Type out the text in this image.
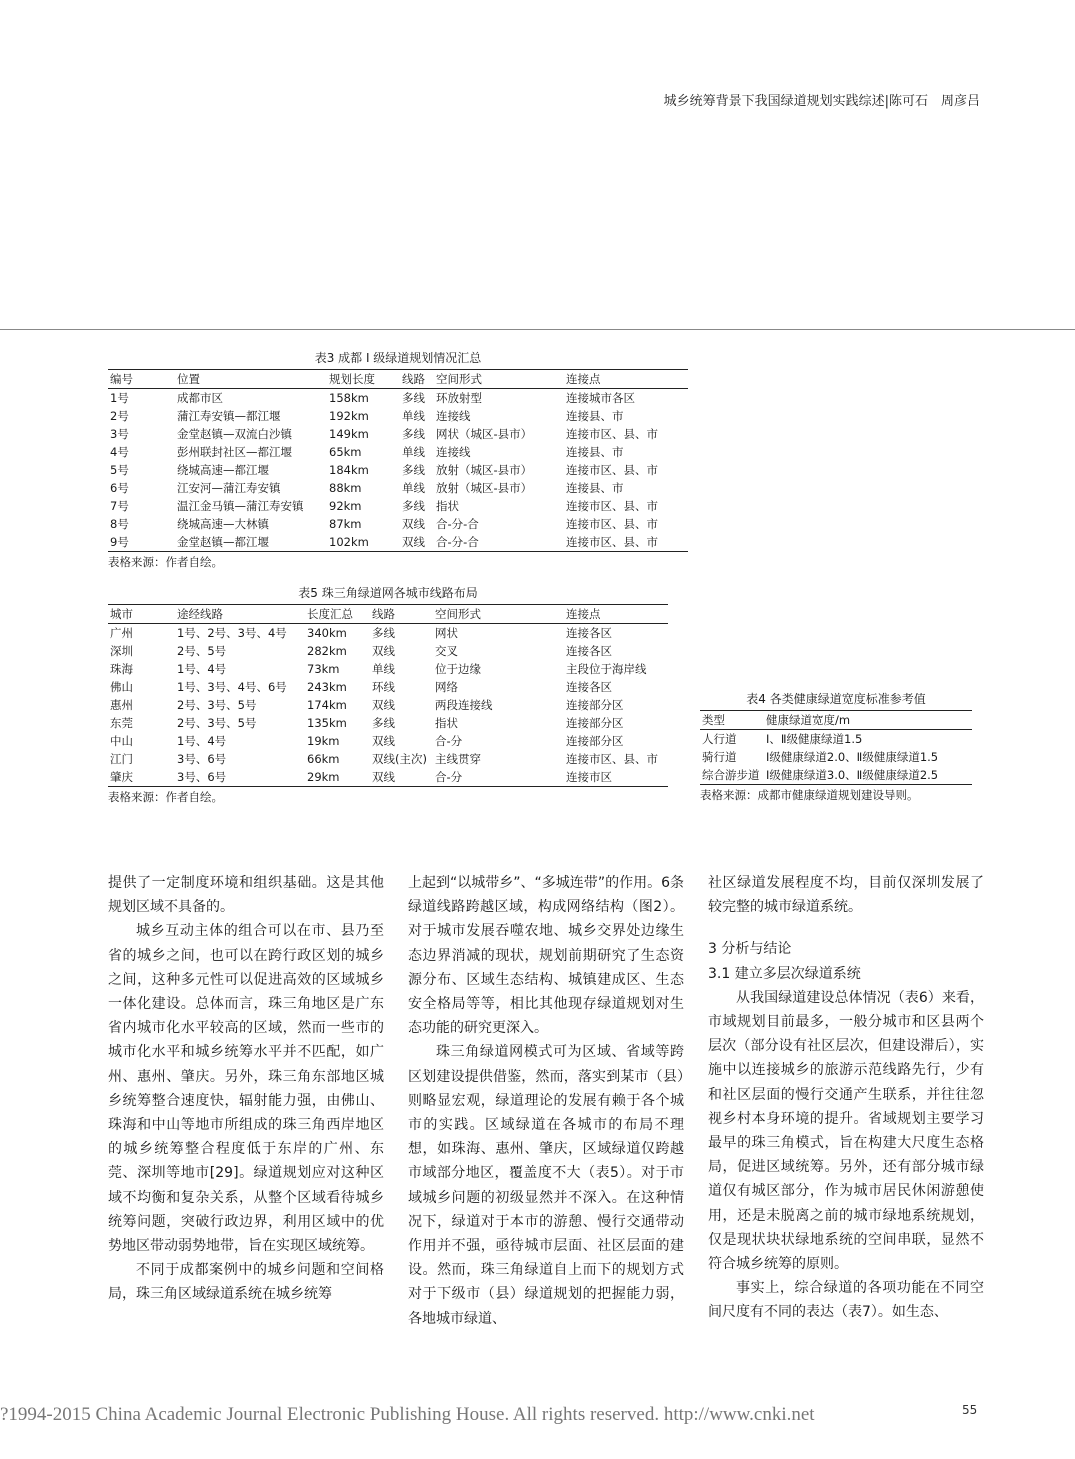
城乡统筹背景下我国绿道规划实践综述|陈可石　周彦吕
表3 成都 I 级绿道规划情况汇总
编号	位置	规划长度	线路	空间形式	连接点
1号	成都市区	158km	多线	环放射型	连接城市各区
2号	蒲江寿安镇—都江堰	192km	单线	连接线	连接县、市
3号	金堂赵镇—双流白沙镇	149km	多线	网状（城区-县市）	连接市区、县、市
4号	彭州联封社区—都江堰	65km	单线	连接线	连接县、市
5号	绕城高速—都江堰	184km	多线	放射（城区-县市）	连接市区、县、市
6号	江安河—蒲江寿安镇	88km	单线	放射（城区-县市）	连接县、市
7号	温江金马镇—蒲江寿安镇	92km	多线	指状	连接市区、县、市
8号	绕城高速—大林镇	87km	双线	合-分-合	连接市区、县、市
9号	金堂赵镇—都江堰	102km	双线	合-分-合	连接市区、县、市
表格来源：作者自绘。
表5 珠三角绿道网各城市线路布局
城市	途经线路	长度汇总	线路	空间形式	连接点
广州	1号、2号、3号、4号	340km	多线	网状	连接各区
深圳	2号、5号	282km	双线	交叉	连接各区
珠海	1号、4号	73km	单线	位于边缘	主段位于海岸线
佛山	1号、3号、4号、6号	243km	环线	网络	连接各区
惠州	2号、3号、5号	174km	双线	两段连接线	连接部分区
东莞	2号、3号、5号	135km	多线	指状	连接部分区
中山	1号、4号	19km	双线	合-分	连接部分区
江门	3号、6号	66km	双线(主次)	主线贯穿	连接市区、县、市
肇庆	3号、6号	29km	双线	合-分	连接市区
表格来源：作者自绘。
表4 各类健康绿道宽度标准参考值
类型	健康绿道宽度/m
人行道	Ⅰ、Ⅱ级健康绿道1.5
骑行道	Ⅰ级健康绿道2.0、Ⅱ级健康绿道1.5
综合游步道	Ⅰ级健康绿道3.0、Ⅱ级健康绿道2.5
表格来源：成都市健康绿道规划建设导则。

提供了一定制度环境和组织基础。这是其他规划区域不具备的。

城乡互动主体的组合可以在市、县乃至省的城乡之间，也可以在跨行政区划的城乡之间，这种多元性可以促进高效的区域城乡一体化建设。总体而言，珠三角地区是广东省内城市化水平较高的区域，然而一些市的城市化水平和城乡统筹水平并不匹配，如广州、惠州、肇庆。另外，珠三角东部地区城乡统筹整合速度快，辐射能力强，由佛山、珠海和中山等地市所组成的珠三角西岸地区的城乡统筹整合程度低于东岸的广州、东莞、深圳等地市[29]。绿道规划应对这种区域不均衡和复杂关系，从整个区域看待城乡统筹问题，突破行政边界，利用区域中的优势地区带动弱势地带，旨在实现区域统筹。

不同于成都案例中的城乡问题和空间格局，珠三角区域绿道系统在城乡统筹

上起到“以城带乡”、“多城连带”的作用。6条绿道线路跨越区域，构成网络结构（图2）。对于城市发展吞噬农地、城乡交界处边缘生态边界消减的现状，规划前期研究了生态资源分布、区域生态结构、城镇建成区、生态安全格局等等，相比其他现存绿道规划对生态功能的研究更深入。

珠三角绿道网模式可为区域、省域等跨区划建设提供借鉴，然而，落实到某市（县）则略显宏观，绿道理论的发展有赖于各个城市的实践。区域绿道在各城市的布局不理想，如珠海、惠州、肇庆，区域绿道仅跨越市域部分地区，覆盖度不大（表5）。对于市域城乡问题的初级显然并不深入。在这种情况下，绿道对于本市的游憩、慢行交通带动作用并不强，亟待城市层面、社区层面的建设。然而，珠三角绿道自上而下的规划方式对于下级市（县）绿道规划的把握能力弱，各地城市绿道、

社区绿道发展程度不均，目前仅深圳发展了较完整的城市绿道系统。

3 分析与结论

3.1 建立多层次绿道系统

从我国绿道建设总体情况（表6）来看，市域规划目前最多，一般分城市和区县两个层次（部分设有社区层次，但建设滞后），实施中以连接城乡的旅游示范线路先行，少有和社区层面的慢行交通产生联系，并往往忽视乡村本身环境的提升。省域规划主要学习最早的珠三角模式，旨在构建大尺度生态格局，促进区域统筹。另外，还有部分城市绿道仅有城区部分，作为城市居民休闲游憩使用，还是未脱离之前的城市绿地系统规划，仅是现状块状绿地系统的空间串联，显然不符合城乡统筹的原则。

事实上，综合绿道的各项功能在不同空间尺度有不同的表达（表7）。如生态、

?1994-2015 China Academic Journal Electronic Publishing House. All rights reserved. http://www.cnki.net	55
